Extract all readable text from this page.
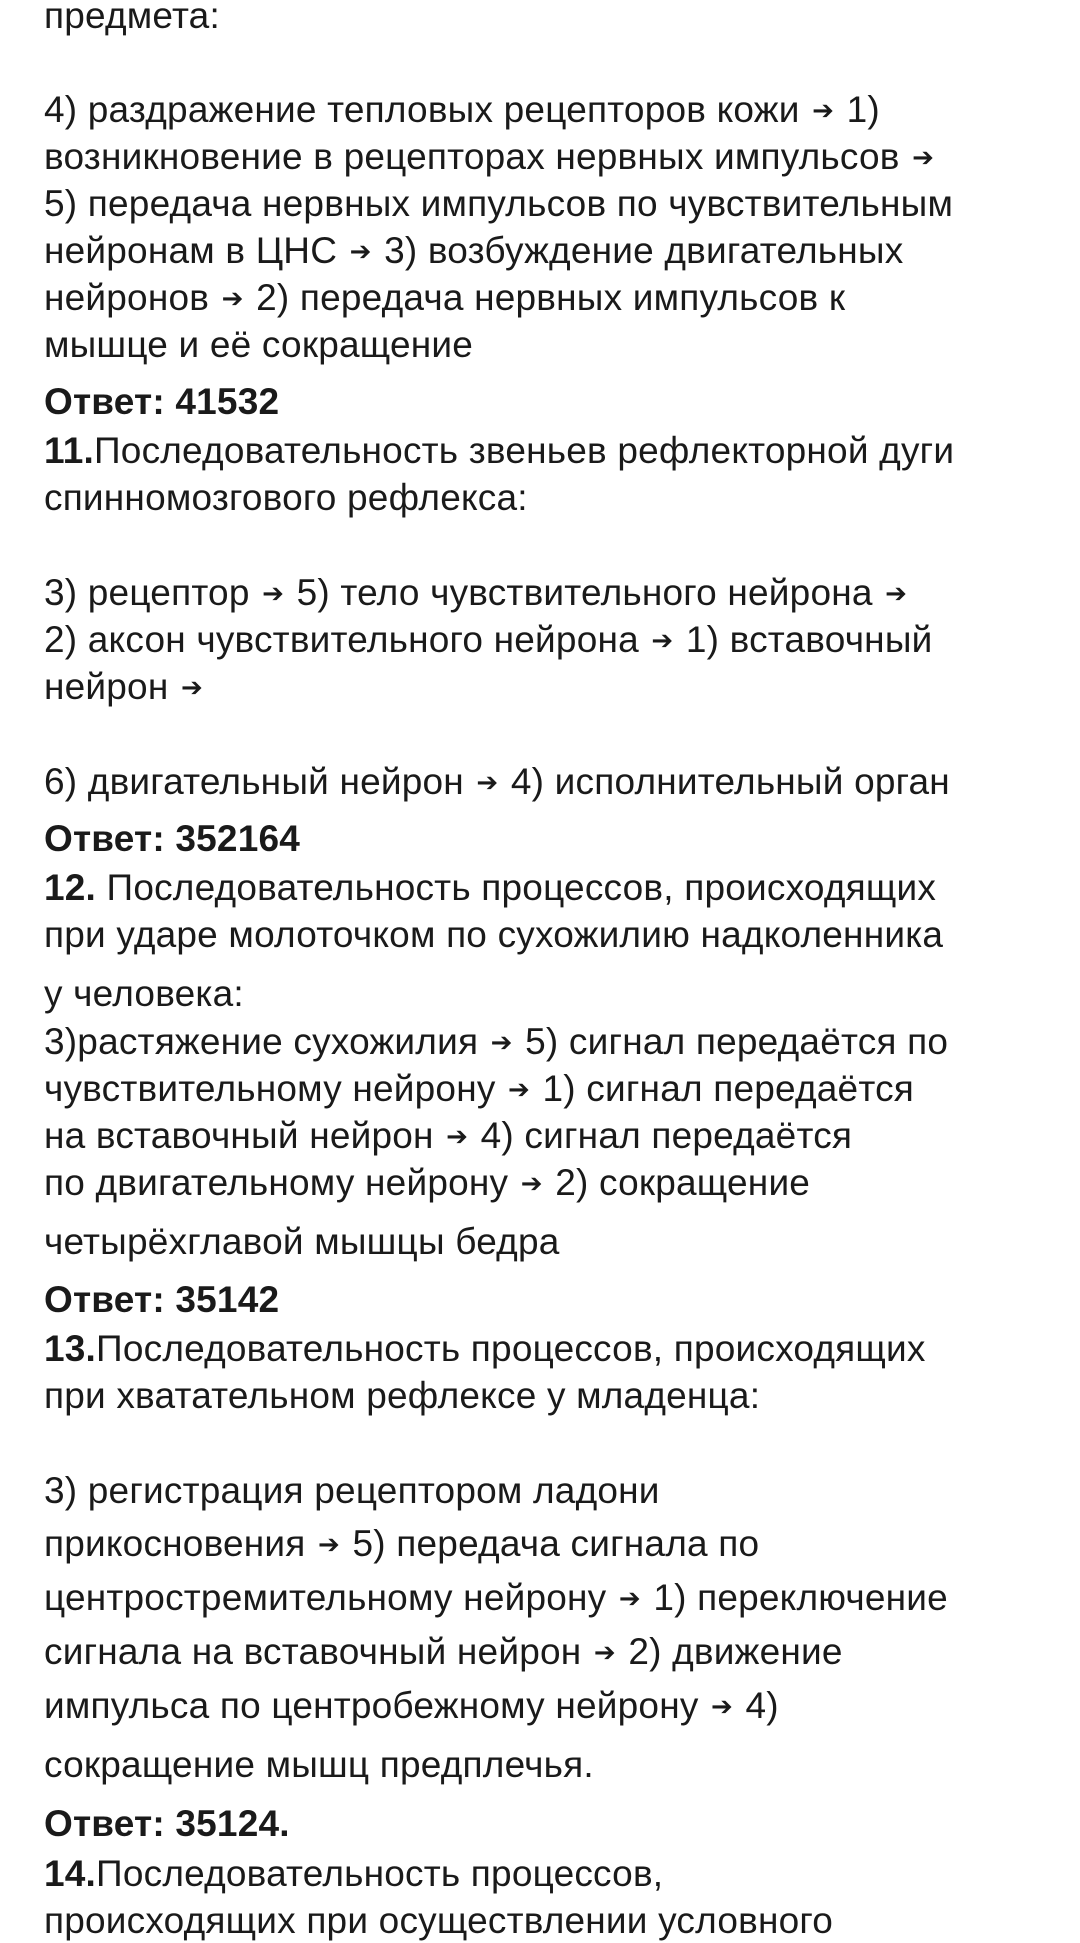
предмета:
4) раздражение тепловых рецепторов кожи ➔ 1)
возникновение в рецепторах нервных импульсов ➔
5) передача нервных импульсов по чувствительным
нейронам в ЦНС ➔ 3) возбуждение двигательных
нейронов ➔ 2) передача нервных импульсов к
мышце и её сокращение
Ответ: 41532
11.Последовательность звеньев рефлекторной дуги
спинномозгового рефлекса:
3) рецептор ➔ 5) тело чувствительного нейрона ➔
2) аксон чувствительного нейрона ➔ 1) вставочный
нейрон ➔
6) двигательный нейрон ➔ 4) исполнительный орган
Ответ: 352164
12. Последовательность процессов, происходящих
при ударе молоточком по сухожилию надколенника
у человека:
3)растяжение сухожилия ➔ 5) сигнал передаётся по
чувствительному нейрону ➔ 1) сигнал передаётся
на вставочный нейрон ➔ 4) сигнал передаётся
по двигательному нейрону ➔ 2) сокращение
четырёхглавой мышцы бедра
Ответ: 35142
13.Последовательность процессов, происходящих
при хватательном рефлексе у младенца:
3) регистрация рецептором ладони
прикосновения ➔ 5) передача сигнала по
центростремительному нейрону ➔ 1) переключение
сигнала на вставочный нейрон ➔ 2) движение
импульса по центробежному нейрону ➔ 4)
сокращение мышц предплечья.
Ответ: 35124.
14.Последовательность процессов,
происходящих при осуществлении условного
